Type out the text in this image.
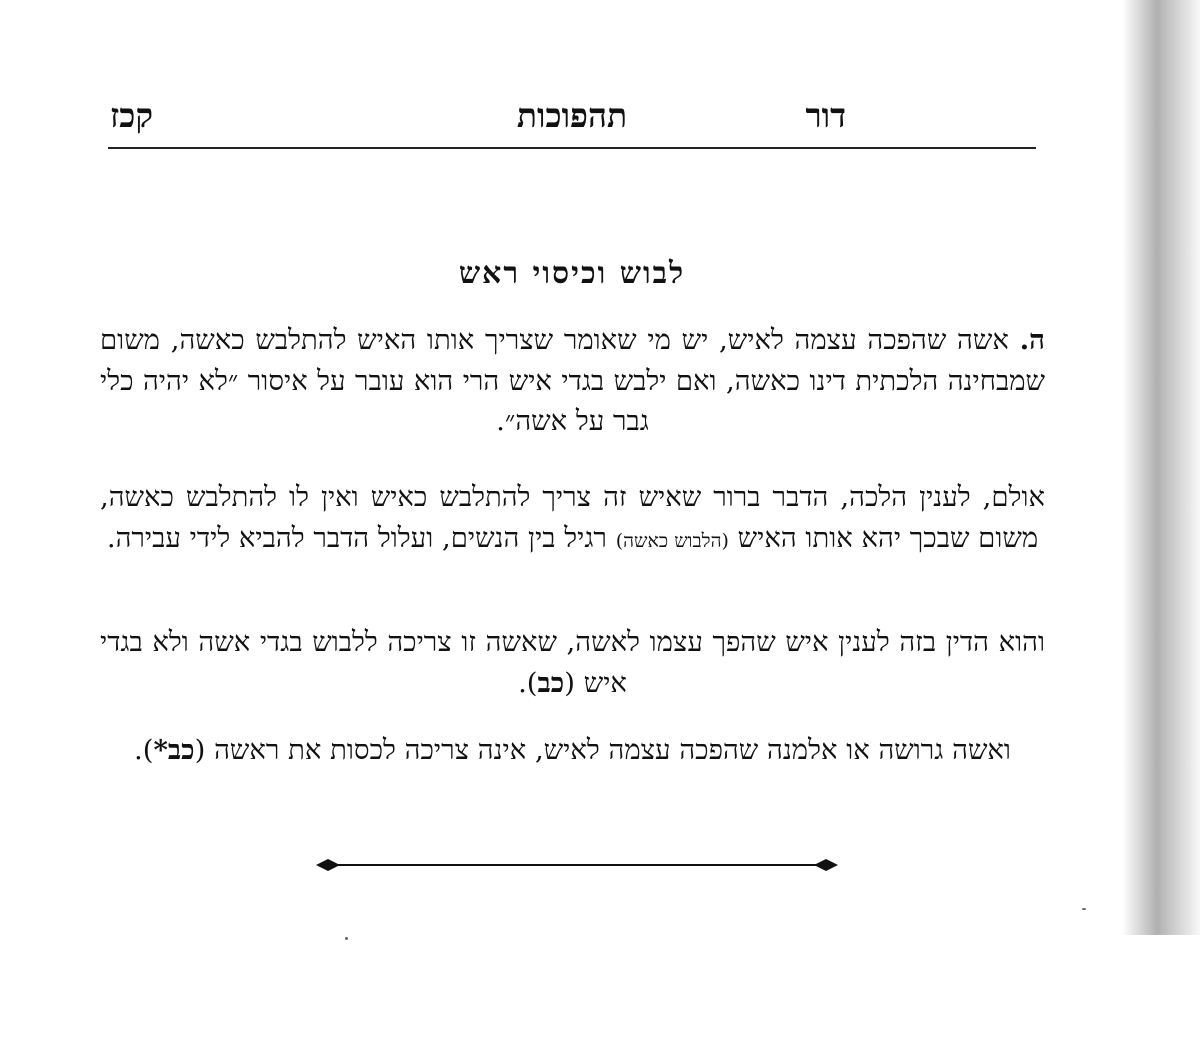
דור
תהפוכות
קכז
לבוש וכיסוי ראש

ה. אשה שהפכה עצמה לאיש, יש מי שאומר שצריך אותו האיש להתלבש כאשה, משום שמבחינה הלכתית דינו כאשה, ואם ילבש בגדי איש הרי הוא עובר על איסור ״לא יהיה כלי גבר על אשה״.

אולם, לענין הלכה, הדבר ברור שאיש זה צריך להתלבש כאיש ואין לו להתלבש כאשה, משום שבכך יהא אותו האיש (הלבוש כאשה) רגיל בין הנשים, ועלול הדבר להביא לידי עבירה.

והוא הדין בזה לענין איש שהפך עצמו לאשה, שאשה זו צריכה ללבוש בגדי אשה ולא בגדי איש (כב).

ואשה גרושה או אלמנה שהפכה עצמה לאיש, אינה צריכה לכסות את ראשה (כב*).
